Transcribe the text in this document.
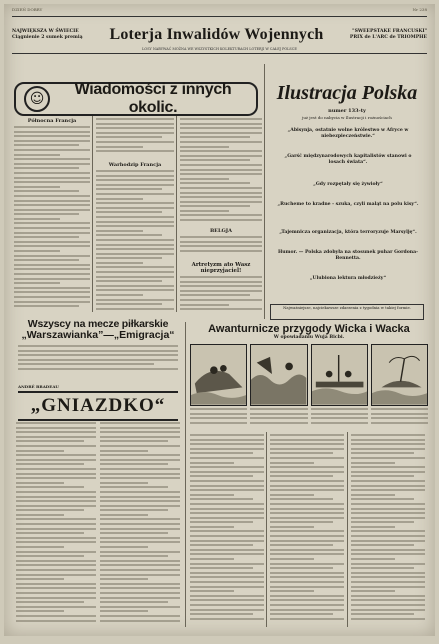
DZIEŃ DOBRY	Nr 238
NAJWIĘKSZA W ŚWIECIE
Ciągnienie 2 sumek premią	Loterja Inwalidów Wojennych	"SWEEPSTAKE FRANCUSKI"
PRIX de L'ARC de TRIOMPHE
LOSY NABYWAĆ MOŻNA WE WSZYSTKICH KOLEKTURACH LOTERJI W CAŁEJ POLSCE
☺
Wiadomości z innych okolic.
Północna Francja
Warhodzip Francja
BELGJA
Artretyzm ato Wasz nieprzyjaciel!
Ilustracja Polska
numer 133-ty
już jest do nabycia w Ilustracji i rożnościach
„Abisynja, ostatnie wolne królestwo w Afryce w niebezpieczeństwie.“
„Garść międzynarodowych kapitalistów stanowi o losach świata“.
„Gdy rozpętały się żywioły“
„Rucheme to kradne - szuka, czyli maląt na polu kisy“.
„Tajemnicza organizacja, która terroryzuje Marsylję“.
Humor. — Polska zdobyła na stosunek puhar Gordona-Bennetta.
„Ulubiona lektura młodzieży“
Najważniejsze, najciekawsze zdarzenia z tygodnia w takiej formie.
Wszyscy na mecze piłkarskie
„Warszawianka”—„Emigracja“
ANDRÉ BRADEAU
„GNIAZDKO“
Awanturnicze przygody Wicka i Wacka
W opowiadaniu Wuja Bicbi.
